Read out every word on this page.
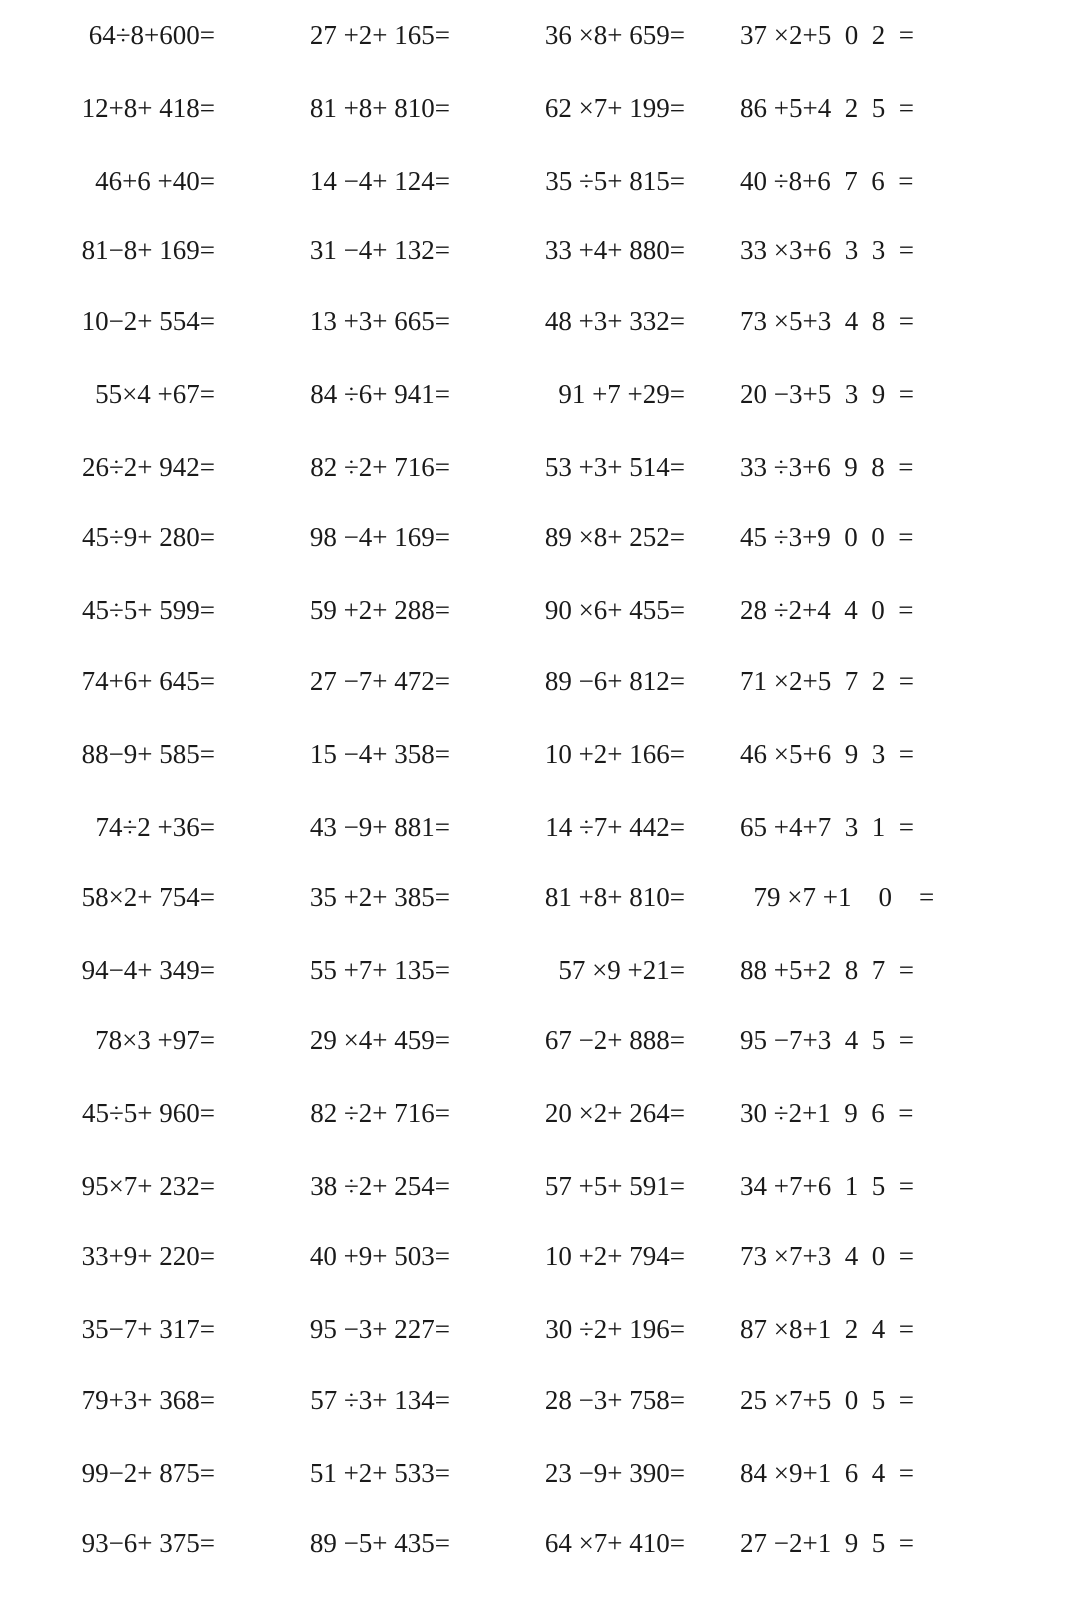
64÷8+600=	27 +2+ 165=	36 ×8+ 659= 37 ×2+5  0  2  =
12+8+ 418=	81 +8+ 810=	62 ×7+ 199= 86 +5+4  2  5  =
46+6 +40=	14 −4+ 124=	35 ÷5+ 815= 40 ÷8+6  7  6  =
81−8+ 169=	31 −4+ 132=	33 +4+ 880= 33 ×3+6  3  3  =
10−2+ 554=	13 +3+ 665=	48 +3+ 332= 73 ×5+3  4  8  =
55×4 +67=	84 ÷6+ 941=	91 +7 +29= 20 −3+5  3  9  =
26÷2+ 942=	82 ÷2+ 716=	53 +3+ 514= 33 ÷3+6  9  8  =
45÷9+ 280=	98 −4+ 169=	89 ×8+ 252= 45 ÷3+9  0  0  =
45÷5+ 599=	59 +2+ 288=	90 ×6+ 455= 28 ÷2+4  4  0  =
74+6+ 645=	27 −7+ 472=	89 −6+ 812= 71 ×2+5  7  2  =
88−9+ 585=	15 −4+ 358=	10 +2+ 166= 46 ×5+6  9  3  =
74÷2 +36=	43 −9+ 881=	14 ÷7+ 442= 65 +4+7  3  1  =
58×2+ 754=	35 +2+ 385=	81 +8+ 810= 79 ×7 +1    0    =
94−4+ 349=	55 +7+ 135=	57 ×9 +21= 88 +5+2  8  7  =
78×3 +97=	29 ×4+ 459=	67 −2+ 888= 95 −7+3  4  5  =
45÷5+ 960=	82 ÷2+ 716=	20 ×2+ 264= 30 ÷2+1  9  6  =
95×7+ 232=	38 ÷2+ 254=	57 +5+ 591= 34 +7+6  1  5  =
33+9+ 220=	40 +9+ 503=	10 +2+ 794= 73 ×7+3  4  0  =
35−7+ 317=	95 −3+ 227=	30 ÷2+ 196= 87 ×8+1  2  4  =
79+3+ 368=	57 ÷3+ 134=	28 −3+ 758= 25 ×7+5  0  5  =
99−2+ 875=	51 +2+ 533=	23 −9+ 390= 84 ×9+1  6  4  =
93−6+ 375=	89 −5+ 435=	64 ×7+ 410= 27 −2+1  9  5  =
